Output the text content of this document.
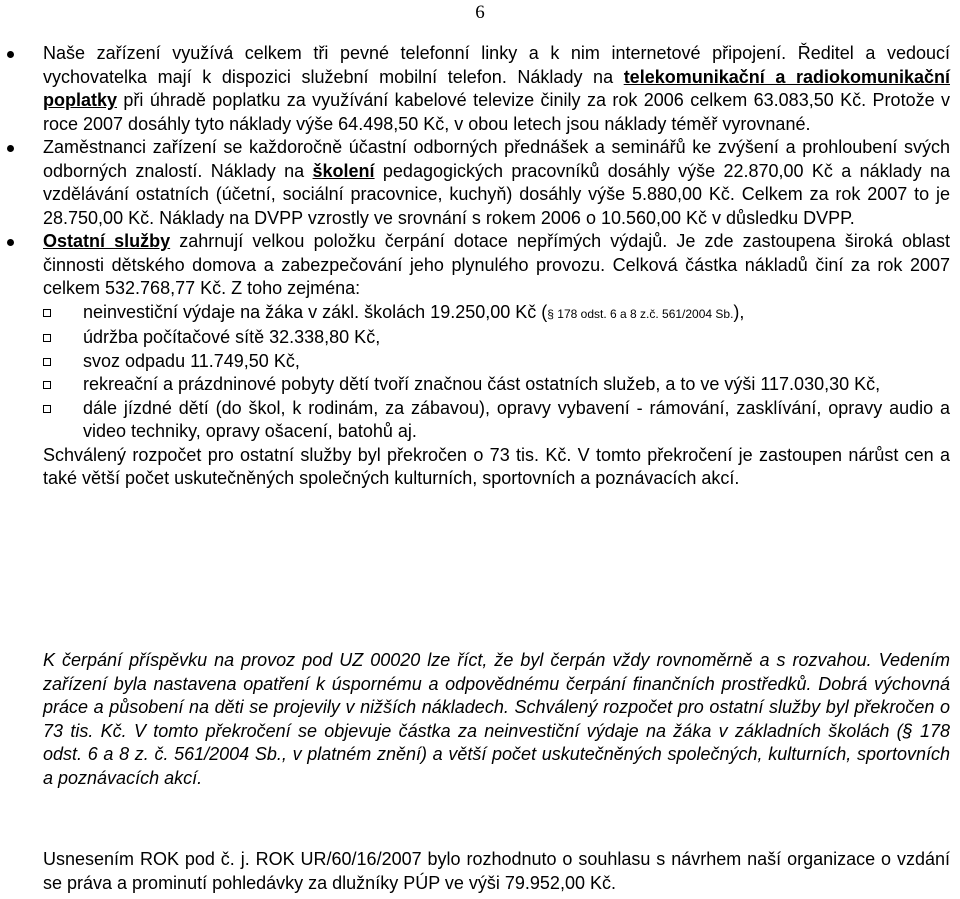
6

Naše zařízení využívá celkem tři pevné telefonní linky a k nim internetové připojení. Ředitel a vedoucí vychovatelka mají k dispozici služební mobilní telefon. Náklady na telekomunikační a radiokomunikační poplatky při úhradě poplatku za využívání kabelové televize činily za rok 2006 celkem 63.083,50 Kč. Protože v roce 2007 dosáhly tyto náklady výše 64.498,50 Kč, v obou letech jsou náklady téměř vyrovnané.

Zaměstnanci zařízení se každoročně účastní odborných přednášek a seminářů ke zvýšení a prohloubení svých odborných znalostí. Náklady na školení pedagogických pracovníků dosáhly výše 22.870,00 Kč a náklady na vzdělávání ostatních (účetní, sociální pracovnice, kuchyň) dosáhly výše 5.880,00 Kč. Celkem za rok 2007 to je 28.750,00 Kč. Náklady na DVPP vzrostly ve srovnání s rokem 2006 o 10.560,00 Kč v důsledku DVPP.

Ostatní služby zahrnují velkou položku čerpání dotace nepřímých výdajů. Je zde zastoupena široká oblast činnosti dětského domova a zabezpečování jeho plynulého provozu. Celková částka nákladů činí za rok 2007 celkem 532.768,77 Kč. Z toho zejména:

neinvestiční výdaje na žáka v zákl. školách 19.250,00 Kč (§ 178 odst. 6 a 8 z.č. 561/2004 Sb.),

údržba počítačové sítě 32.338,80 Kč,

svoz odpadu 11.749,50 Kč,

rekreační a prázdninové pobyty dětí tvoří značnou část ostatních služeb, a to ve výši 117.030,30 Kč,

dále jízdné dětí (do škol, k rodinám, za zábavou), opravy vybavení - rámování, zasklívání, opravy audio a video techniky, opravy ošacení, batohů aj.

Schválený rozpočet pro ostatní služby byl překročen o 73 tis. Kč. V tomto překročení je zastoupen nárůst cen a také větší počet uskutečněných společných kulturních, sportovních a poznávacích akcí.

K čerpání příspěvku na provoz pod UZ 00020 lze říct, že byl čerpán vždy rovnoměrně a s rozvahou. Vedením zařízení byla nastavena opatření k úspornému a odpovědnému čerpání finančních prostředků. Dobrá výchovná práce a působení na děti se projevily v nižších nákladech. Schválený rozpočet pro ostatní služby byl překročen o 73 tis. Kč. V tomto překročení se objevuje částka za neinvestiční výdaje na žáka v základních školách (§ 178 odst. 6 a 8 z. č. 561/2004 Sb., v platném znění) a větší počet uskutečněných společných, kulturních, sportovních a poznávacích akcí.

Usnesením ROK pod č. j. ROK UR/60/16/2007 bylo rozhodnuto o souhlasu s návrhem naší organizace o vzdání se práva a prominutí pohledávky za dlužníky PÚP ve výši 79.952,00 Kč.
